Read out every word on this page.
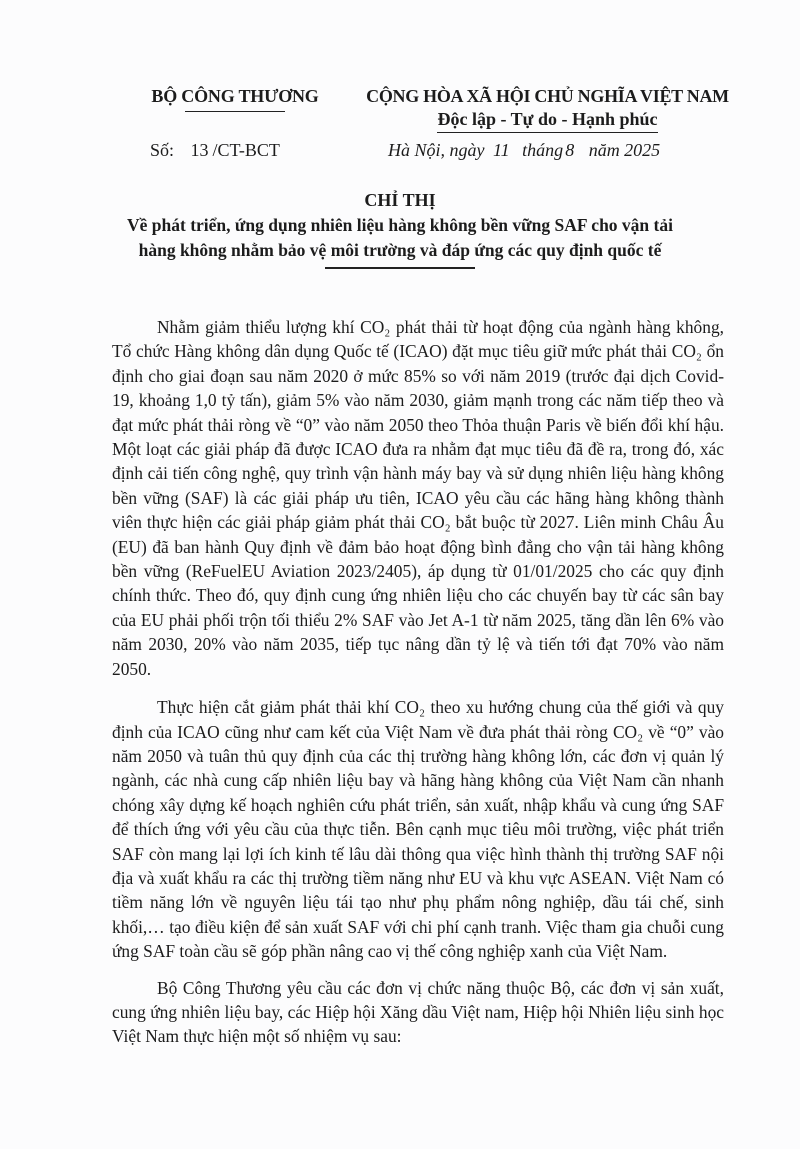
BỘ CÔNG THƯƠNG
Số: 13 /CT-BCT
CỘNG HÒA XÃ HỘI CHỦ NGHĨA VIỆT NAM
Độc lập - Tự do - Hạnh phúc
Hà Nội, ngày 11 tháng 8 năm 2025
CHỈ THỊ
Về phát triển, ứng dụng nhiên liệu hàng không bền vững SAF cho vận tải
hàng không nhằm bảo vệ môi trường và đáp ứng các quy định quốc tế

Nhằm giảm thiểu lượng khí CO₂ phát thải từ hoạt động của ngành hàng không, Tổ chức Hàng không dân dụng Quốc tế (ICAO) đặt mục tiêu giữ mức phát thải CO₂ ổn định cho giai đoạn sau năm 2020 ở mức 85% so với năm 2019 (trước đại dịch Covid-19, khoảng 1,0 tỷ tấn), giảm 5% vào năm 2030, giảm mạnh trong các năm tiếp theo và đạt mức phát thải ròng về “0” vào năm 2050 theo Thỏa thuận Paris về biến đổi khí hậu. Một loạt các giải pháp đã được ICAO đưa ra nhằm đạt mục tiêu đã đề ra, trong đó, xác định cải tiến công nghệ, quy trình vận hành máy bay và sử dụng nhiên liệu hàng không bền vững (SAF) là các giải pháp ưu tiên, ICAO yêu cầu các hãng hàng không thành viên thực hiện các giải pháp giảm phát thải CO₂ bắt buộc từ 2027. Liên minh Châu Âu (EU) đã ban hành Quy định về đảm bảo hoạt động bình đẳng cho vận tải hàng không bền vững (ReFuelEU Aviation 2023/2405), áp dụng từ 01/01/2025 cho các quy định chính thức. Theo đó, quy định cung ứng nhiên liệu cho các chuyến bay từ các sân bay của EU phải phối trộn tối thiểu 2% SAF vào Jet A-1 từ năm 2025, tăng dần lên 6% vào năm 2030, 20% vào năm 2035, tiếp tục nâng dần tỷ lệ và tiến tới đạt 70% vào năm 2050.

Thực hiện cắt giảm phát thải khí CO₂ theo xu hướng chung của thế giới và quy định của ICAO cũng như cam kết của Việt Nam về đưa phát thải ròng CO₂ về “0” vào năm 2050 và tuân thủ quy định của các thị trường hàng không lớn, các đơn vị quản lý ngành, các nhà cung cấp nhiên liệu bay và hãng hàng không của Việt Nam cần nhanh chóng xây dựng kế hoạch nghiên cứu phát triển, sản xuất, nhập khẩu và cung ứng SAF để thích ứng với yêu cầu của thực tiễn. Bên cạnh mục tiêu môi trường, việc phát triển SAF còn mang lại lợi ích kinh tế lâu dài thông qua việc hình thành thị trường SAF nội địa và xuất khẩu ra các thị trường tiềm năng như EU và khu vực ASEAN. Việt Nam có tiềm năng lớn về nguyên liệu tái tạo như phụ phẩm nông nghiệp, dầu tái chế, sinh khối,… tạo điều kiện để sản xuất SAF với chi phí cạnh tranh. Việc tham gia chuỗi cung ứng SAF toàn cầu sẽ góp phần nâng cao vị thế công nghiệp xanh của Việt Nam.

Bộ Công Thương yêu cầu các đơn vị chức năng thuộc Bộ, các đơn vị sản xuất, cung ứng nhiên liệu bay, các Hiệp hội Xăng dầu Việt nam, Hiệp hội Nhiên liệu sinh học Việt Nam thực hiện một số nhiệm vụ sau:
